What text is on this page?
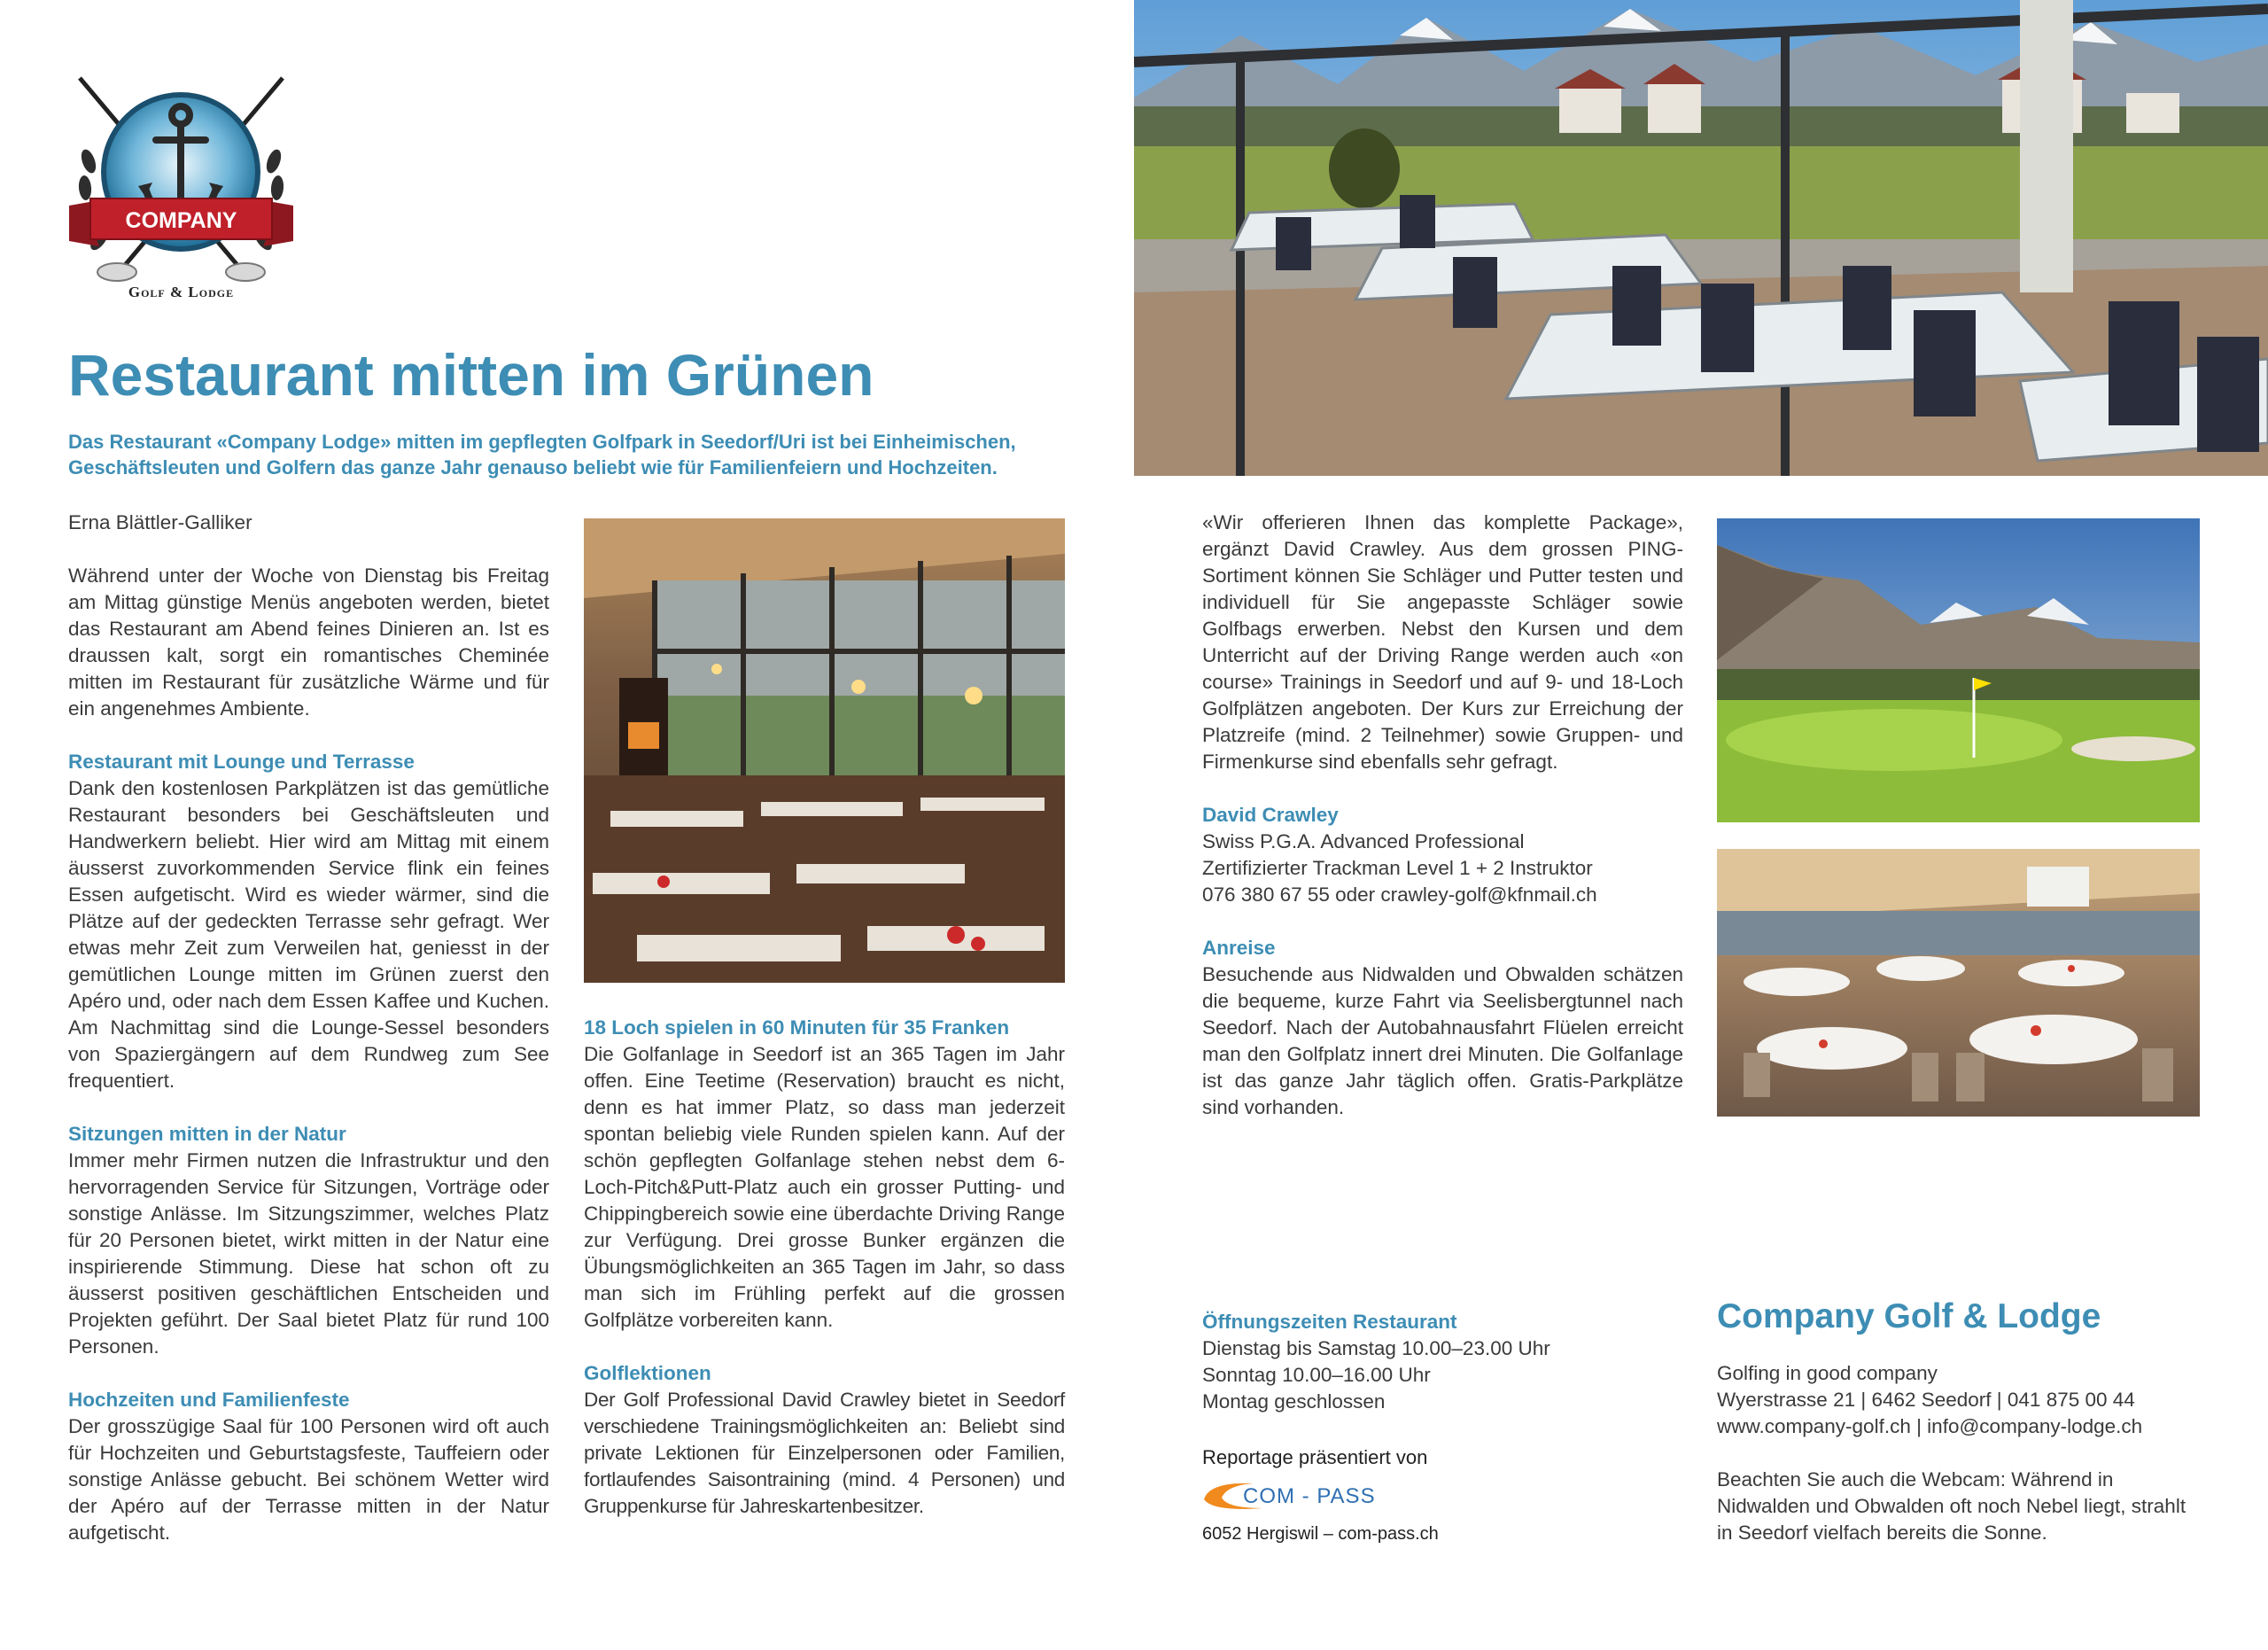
COMPANY
Golf & Lodge
Restaurant mitten im Grünen
Das Restaurant «Company Lodge» mitten im gepflegten Golfpark in Seedorf/Uri ist bei Einheimischen,
Geschäftsleuten und Golfern das ganze Jahr genauso beliebt wie für Familienfeiern und Hochzeiten.

Erna Blättler-Galliker

Während unter der Woche von Dienstag bis Freitag am Mittag günstige Menüs angeboten werden, bietet das Restaurant am Abend feines Dinieren an. Ist es draussen kalt, sorgt ein romantisches Cheminée mitten im Restaurant für zusätzliche Wärme und für ein angenehmes Ambiente.

Restaurant mit Lounge und Terrasse

Dank den kostenlosen Parkplätzen ist das gemütliche Restaurant besonders bei Geschäftsleuten und Handwerkern beliebt. Hier wird am Mittag mit einem äusserst zuvorkommenden Service flink ein feines Essen aufgetischt. Wird es wieder wärmer, sind die Plätze auf der gedeckten Terrasse sehr gefragt. Wer etwas mehr Zeit zum Verweilen hat, geniesst in der gemütlichen Lounge mitten im Grünen zuerst den Apéro und, oder nach dem Essen Kaffee und Kuchen. Am Nachmittag sind die Lounge-Sessel besonders von Spaziergängern auf dem Rundweg zum See frequentiert.

Sitzungen mitten in der Natur

Immer mehr Firmen nutzen die Infrastruktur und den hervorragenden Service für Sitzungen, Vorträge oder sonstige Anlässe. Im Sitzungszimmer, welches Platz für 20 Personen bietet, wirkt mitten in der Natur eine inspirierende Stimmung. Diese hat schon oft zu äusserst positiven geschäftlichen Entscheiden und Projekten geführt. Der Saal bietet Platz für rund 100 Personen.

Hochzeiten und Familienfeste

Der grosszügige Saal für 100 Personen wird oft auch für Hochzeiten und Geburtstagsfeste, Tauffeiern oder sonstige Anlässe gebucht. Bei schönem Wetter wird der Apéro auf der Terrasse mitten in der Natur aufgetischt.

18 Loch spielen in 60 Minuten für 35 Franken

Die Golfanlage in Seedorf ist an 365 Tagen im Jahr offen. Eine Teetime (Reservation) braucht es nicht, denn es hat immer Platz, so dass man jederzeit spontan beliebig viele Runden spielen kann. Auf der schön gepflegten Golfanlage stehen nebst dem 6-Loch-Pitch&Putt-Platz auch ein grosser Putting- und Chippingbereich sowie eine überdachte Driving Range zur Verfügung. Drei grosse Bunker ergänzen die Übungsmöglichkeiten an 365 Tagen im Jahr, so dass man sich im Frühling perfekt auf die grossen Golfplätze vorbereiten kann.

Golflektionen

Der Golf Professional David Crawley bietet in Seedorf verschiedene Trainingsmöglichkeiten an: Beliebt sind private Lektionen für Einzelpersonen oder Familien, fortlaufendes Saisontraining (mind. 4 Personen) und Gruppenkurse für Jahreskartenbesitzer.

«Wir offerieren Ihnen das komplette Package», ergänzt David Crawley. Aus dem grossen PING-Sortiment können Sie Schläger und Putter testen und individuell für Sie angepasste Schläger sowie Golfbags erwerben. Nebst den Kursen und dem Unterricht auf der Driving Range werden auch «on course» Trainings in Seedorf und auf 9- und 18-Loch Golfplätzen angeboten. Der Kurs zur Erreichung der Platzreife (mind. 2 Teilnehmer) sowie Gruppen- und Firmenkurse sind ebenfalls sehr gefragt.

David Crawley

Swiss P.G.A. Advanced Professional
Zertifizierter Trackman Level 1 + 2 Instruktor
076 380 67 55 oder crawley-golf@kfnmail.ch

Anreise

Besuchende aus Nidwalden und Obwalden schätzen die bequeme, kurze Fahrt via Seelisbergtunnel nach Seedorf. Nach der Autobahnausfahrt Flüelen erreicht man den Golfplatz innert drei Minuten. Die Golfanlage ist das ganze Jahr täglich offen. Gratis-Parkplätze sind vorhanden.

Öffnungszeiten Restaurant
Dienstag bis Samstag 10.00–23.00 Uhr
Sonntag 10.00–16.00 Uhr
Montag geschlossen
Reportage präsentiert von
COM - PASS
6052 Hergiswil – com-pass.ch
Company Golf & Lodge
Golfing in good company
Wyerstrasse 21 | 6462 Seedorf | 041 875 00 44
www.company-golf.ch | info@company-lodge.ch
Beachten Sie auch die Webcam: Während in Nidwalden und Obwalden oft noch Nebel liegt, strahlt in Seedorf vielfach bereits die Sonne.
